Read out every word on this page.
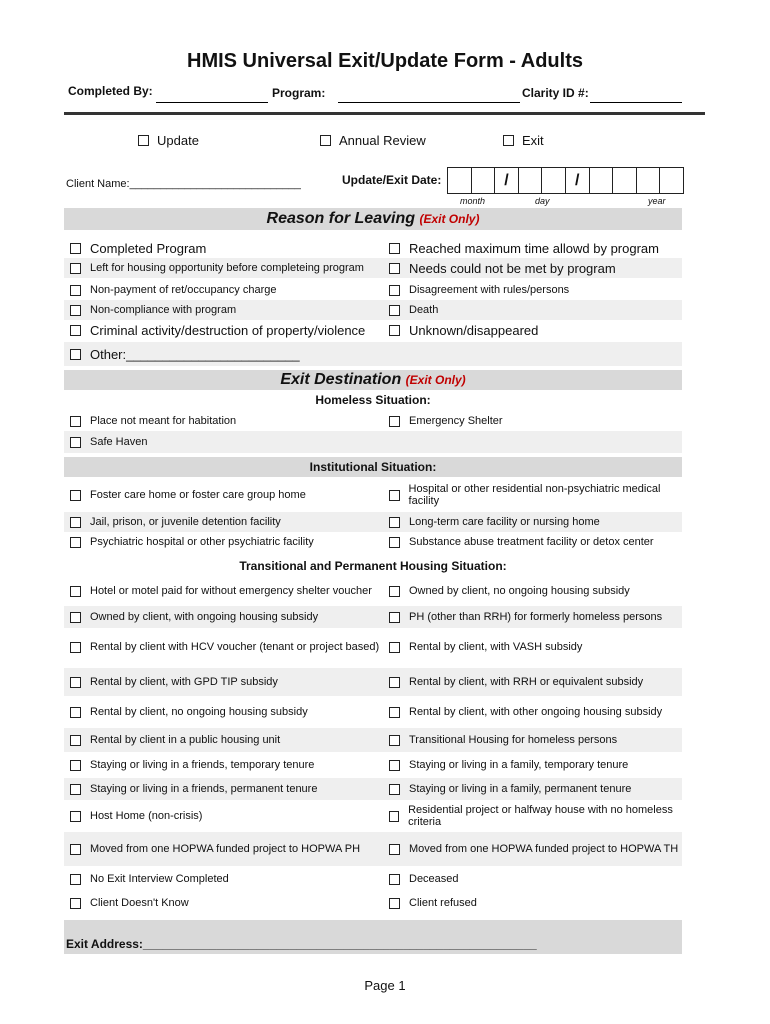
HMIS Universal Exit/Update Form - Adults
Completed By:	Program:	Clarity ID #:
Update	Annual Review	Exit
Client Name:____________________________	Update/Exit Date:	/	/
month	day	year
Reason for Leaving (Exit Only)
Completed Program	Reached maximum time allowd by program
Left for housing opportunity before completeing program	Needs could not be met by program
Non-payment of ret/occupancy charge	Disagreement with rules/persons
Non-compliance with program	Death
Criminal activity/destruction of property/violence	Unknown/disappeared
Other:________________________
Exit Destination (Exit Only)
Homeless Situation:
Place not meant for habitation	Emergency Shelter
Safe Haven
Institutional Situation:
Foster care home or foster care group home	Hospital or other residential non-psychiatric medical facility
Jail, prison, or juvenile detention facility	Long-term care facility or nursing home
Psychiatric hospital or other psychiatric facility	Substance abuse treatment facility or detox center
Transitional and Permanent Housing Situation:
Hotel or motel paid for without emergency shelter voucher	Owned by client, no ongoing housing subsidy
Owned by client, with ongoing housing subsidy	PH (other than RRH) for formerly homeless persons
Rental by client with HCV voucher (tenant or project based)	Rental by client, with VASH subsidy
Rental by client, with GPD TIP subsidy	Rental by client, with RRH or equivalent subsidy
Rental by client, no ongoing housing subsidy	Rental by client, with other ongoing housing subsidy
Rental by client in a public housing unit	Transitional Housing for homeless persons
Staying or living in a friends, temporary tenure	Staying or living in a family, temporary tenure
Staying or living in a friends, permanent tenure	Staying or living in a family, permanent tenure
Host Home (non-crisis)	Residential project or halfway house with no homeless criteria
Moved from one HOPWA funded project to HOPWA PH	Moved from one HOPWA funded project to HOPWA TH
No Exit Interview Completed	Deceased
Client Doesn't Know	Client refused
Exit Address:___________________________________________________________
Page 1
